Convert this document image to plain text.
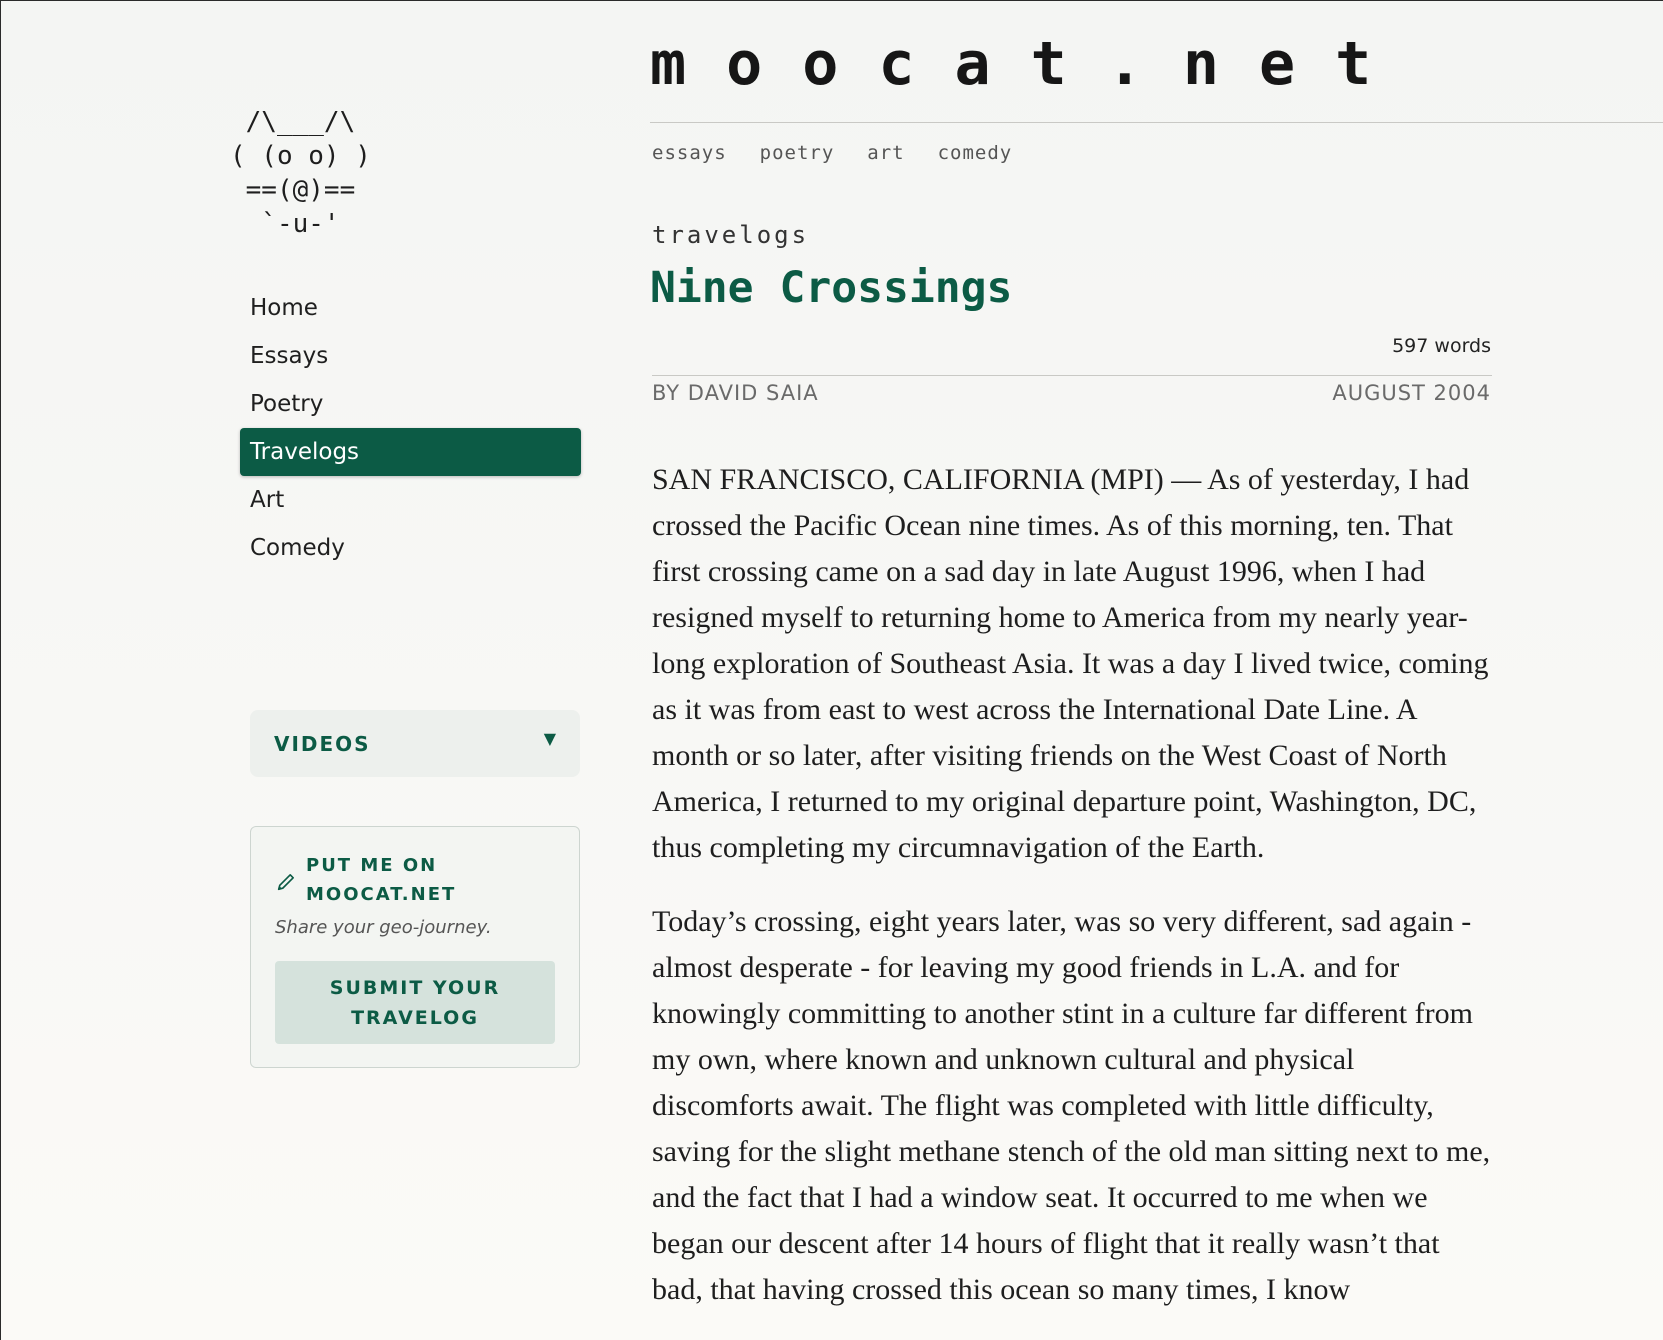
/\___/\
( (o o) )
==(@)==
`-u-'
Home
Essays
Poetry
Travelogs
Art
Comedy
VIDEOS	▼
PUT ME ON MOOCAT.NET
Share your geo-journey.
SUBMIT YOUR TRAVELOG
moocat.net
essays poetry art comedy
travelogs
Nine Crossings
597 words
BY DAVID SAIA	AUGUST 2004

SAN FRANCISCO, CALIFORNIA (MPI) — As of yesterday, I had crossed the Pacific Ocean nine times. As of this morning, ten. That first crossing came on a sad day in late August 1996, when I had resigned myself to returning home to America from my nearly year-long exploration of Southeast Asia. It was a day I lived twice, coming as it was from east to west across the International Date Line. A month or so later, after visiting friends on the West Coast of North America, I returned to my original departure point, Washington, DC, thus completing my circumnavigation of the Earth.

Today’s crossing, eight years later, was so very different, sad again - almost desperate - for leaving my good friends in L.A. and for knowingly committing to another stint in a culture far different from my own, where known and unknown cultural and physical discomforts await. The flight was completed with little difficulty, saving for the slight methane stench of the old man sitting next to me, and the fact that I had a window seat. It occurred to me when we began our descent after 14 hours of flight that it really wasn’t that bad, that having crossed this ocean so many times, I know
